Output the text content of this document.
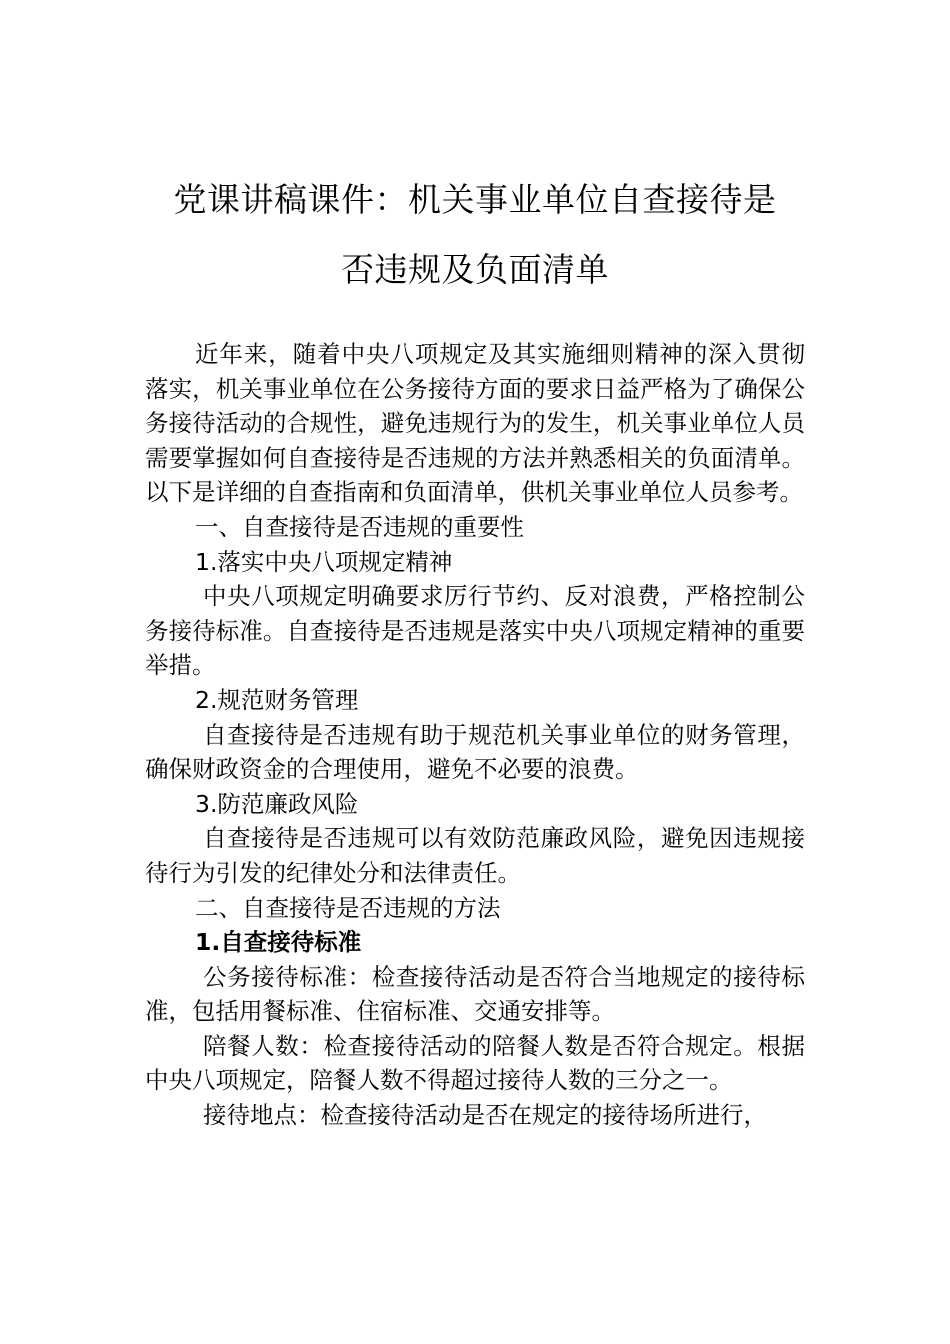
党课讲稿课件：机关事业单位自查接待是
否违规及负面清单

近年来，随着中央八项规定及其实施细则精神的深入贯彻落实，机关事业单位在公务接待方面的要求日益严格为了确保公务接待活动的合规性，避免违规行为的发生，机关事业单位人员需要掌握如何自查接待是否违规的方法并熟悉相关的负面清单。以下是详细的自查指南和负面清单，供机关事业单位人员参考。

一、自查接待是否违规的重要性

1.落实中央八项规定精神

中央八项规定明确要求厉行节约、反对浪费，严格控制公务接待标准。自查接待是否违规是落实中央八项规定精神的重要举措。

2.规范财务管理

自查接待是否违规有助于规范机关事业单位的财务管理，确保财政资金的合理使用，避免不必要的浪费。

3.防范廉政风险

自查接待是否违规可以有效防范廉政风险，避免因违规接待行为引发的纪律处分和法律责任。

二、自查接待是否违规的方法

1.自查接待标准

公务接待标准：检查接待活动是否符合当地规定的接待标准，包括用餐标准、住宿标准、交通安排等。

陪餐人数：检查接待活动的陪餐人数是否符合规定。根据中央八项规定，陪餐人数不得超过接待人数的三分之一。

接待地点：检查接待活动是否在规定的接待场所进行，
